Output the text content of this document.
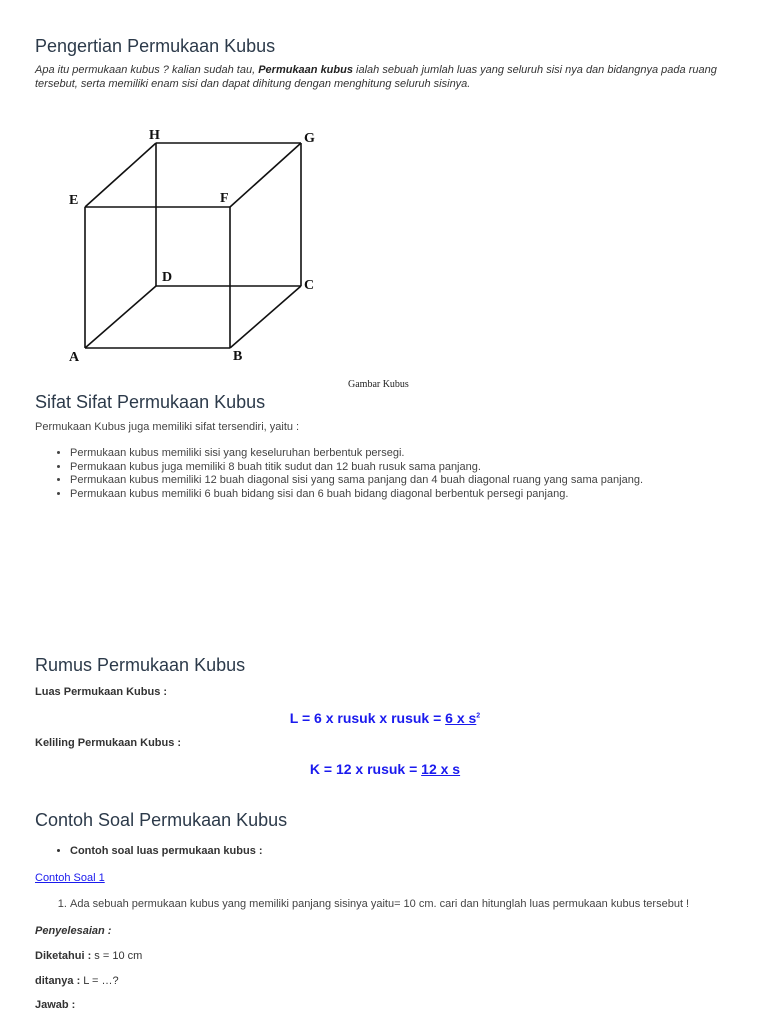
Pengertian Permukaan Kubus
Apa itu permukaan kubus ? kalian sudah tau, Permukaan kubus ialah sebuah jumlah luas yang seluruh sisi nya dan bidangnya pada ruang tersebut, serta memiliki enam sisi dan dapat dihitung dengan menghitung seluruh sisinya.
H	G
E	F
D
C
A	B
Gambar Kubus
Sifat Sifat Permukaan Kubus
Permukaan Kubus juga memiliki sifat tersendiri, yaitu :
• Permukaan kubus memiliki sisi yang keseluruhan berbentuk persegi.
• Permukaan kubus juga memiliki 8 buah titik sudut dan 12 buah rusuk sama panjang.
• Permukaan kubus memiliki 12 buah diagonal sisi yang sama panjang dan 4 buah diagonal ruang yang sama panjang.
• Permukaan kubus memiliki 6 buah bidang sisi dan 6 buah bidang diagonal berbentuk persegi panjang.
Rumus Permukaan Kubus
Luas Permukaan Kubus :
L = 6 x rusuk x rusuk = 6 x $s^2$
Keliling Permukaan Kubus :
K = 12 x rusuk = 12 x s
Contoh Soal Permukaan Kubus
• Contoh soal luas permukaan kubus :
Contoh Soal 1
1. Ada sebuah permukaan kubus yang memiliki panjang sisinya yaitu= 10 cm. cari dan hitunglah luas permukaan kubus tersebut !
Penyelesaian :
Diketahui : s = 10 cm
ditanya : L = …?
Jawab :
